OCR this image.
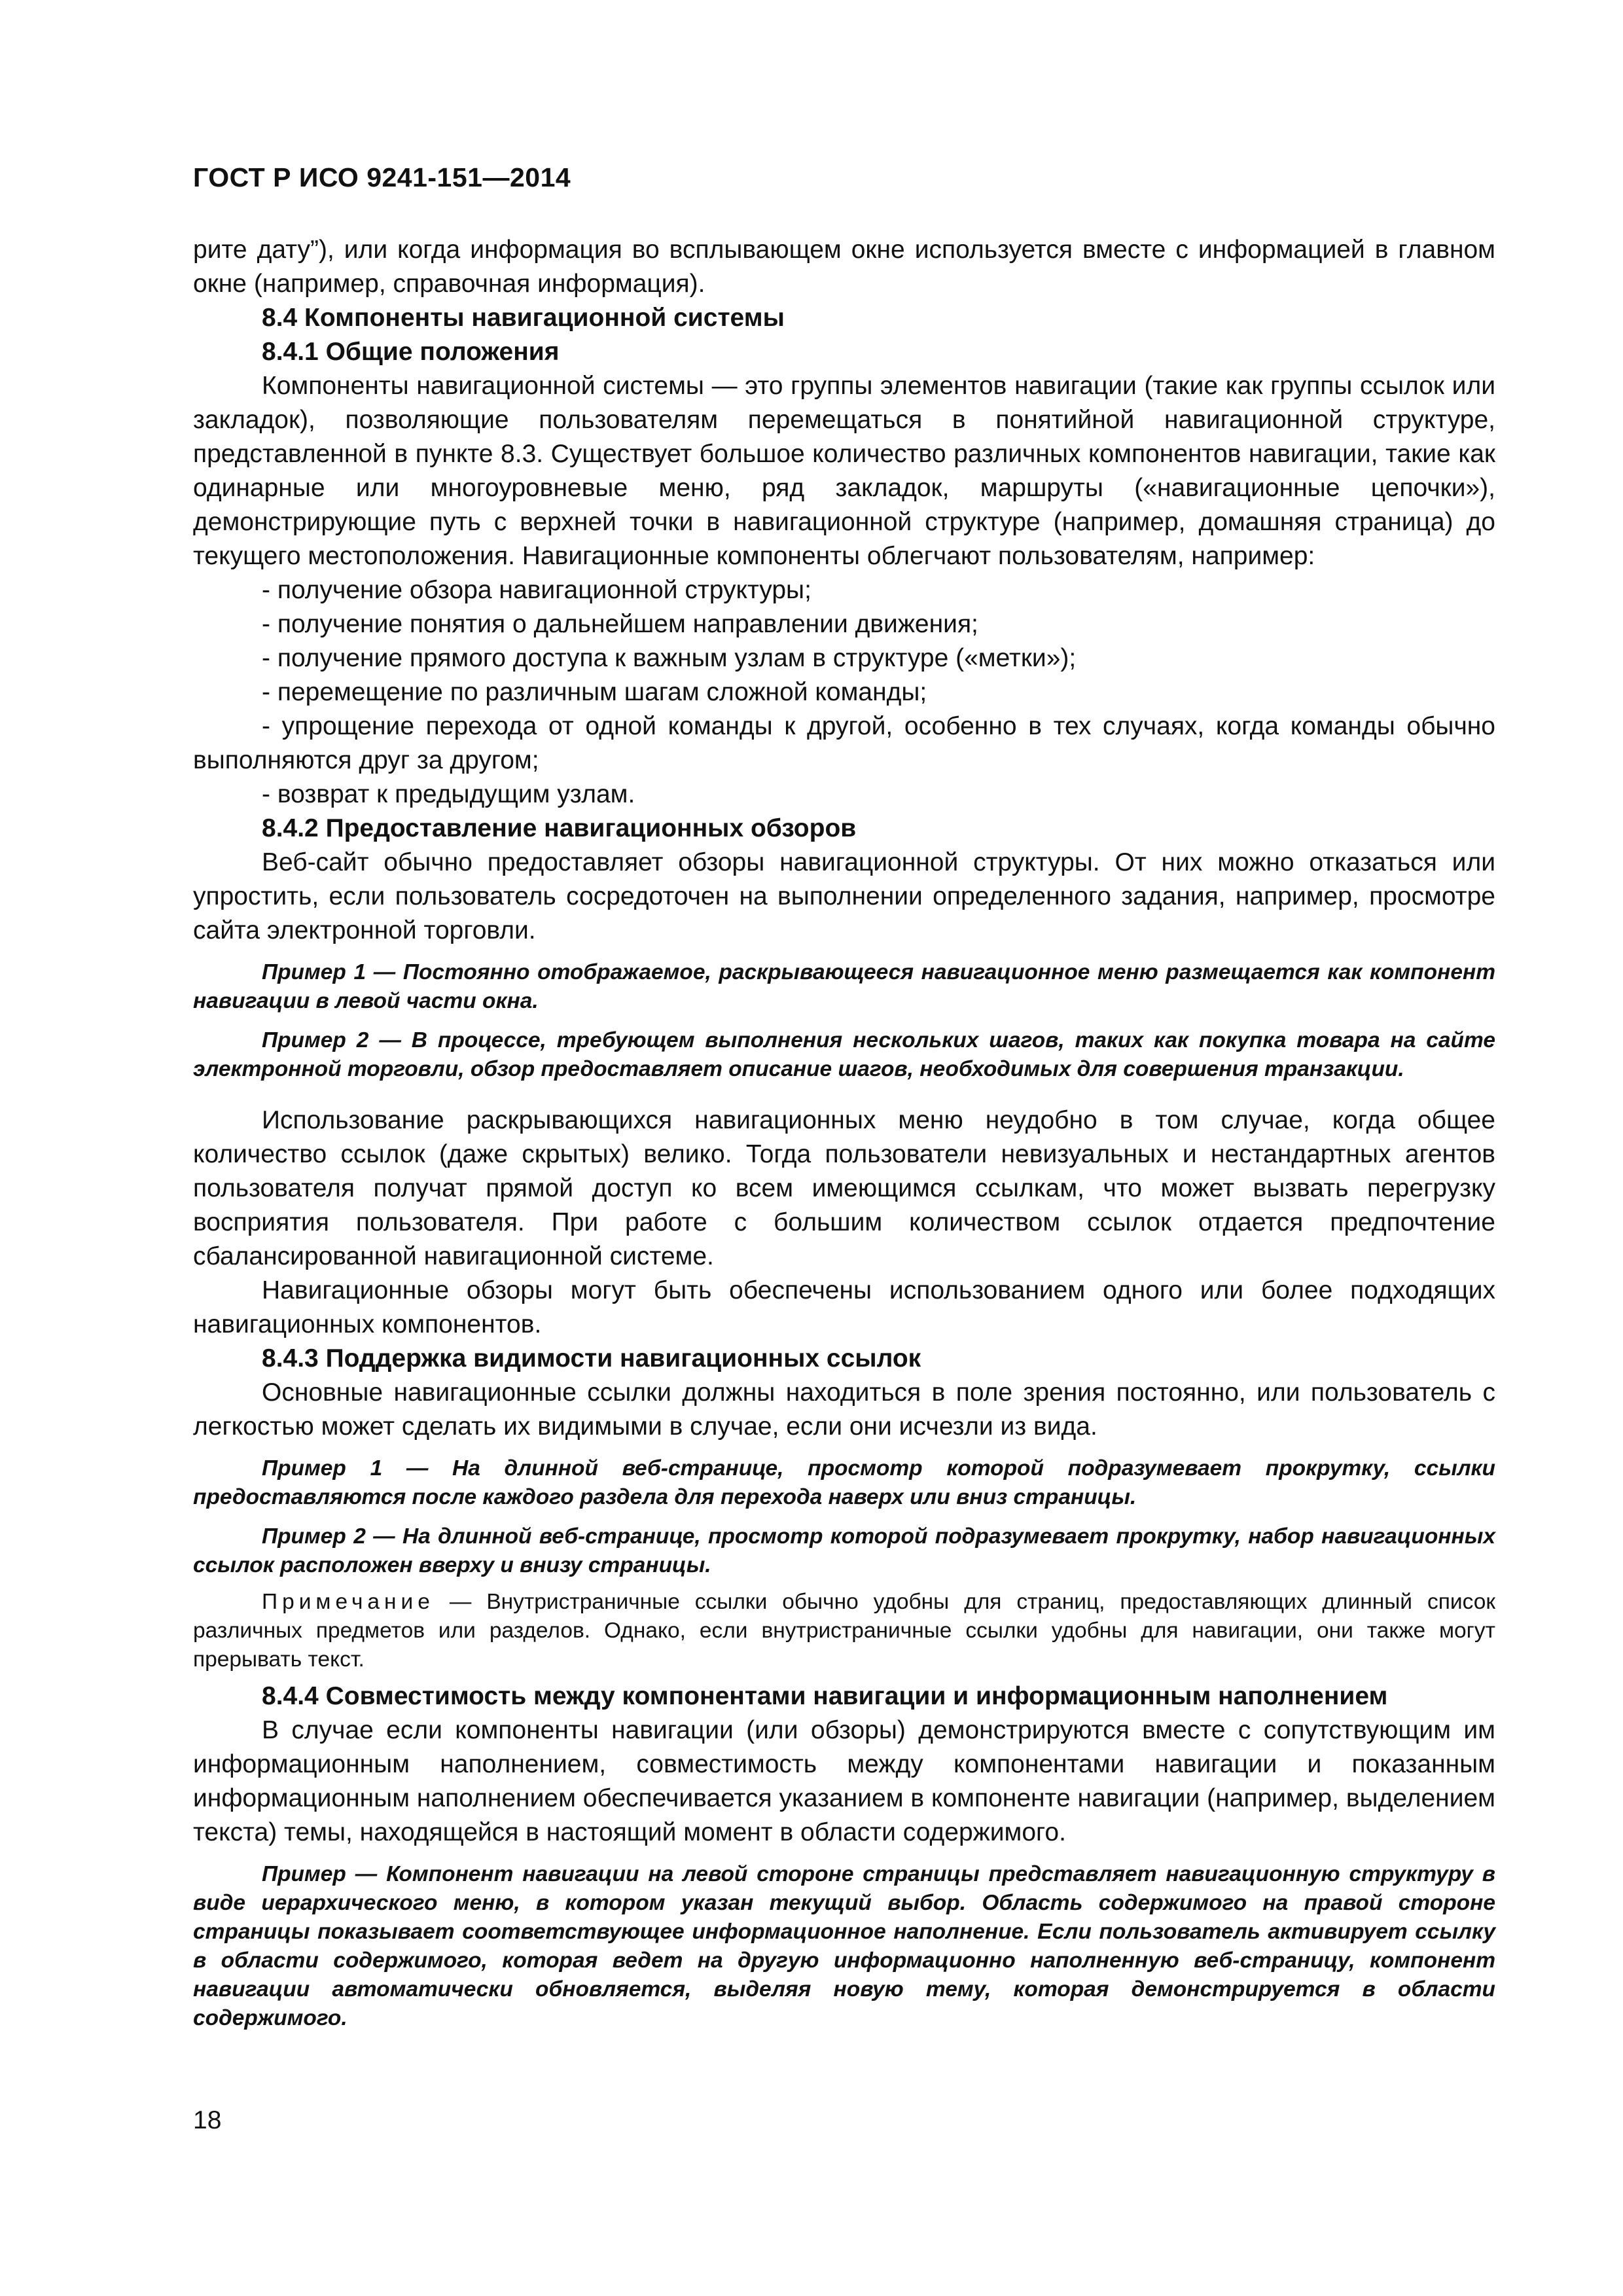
ГОСТ Р ИСО 9241-151—2014

рите дату”), или когда информация во всплывающем окне используется вместе с информацией в главном окне (например, справочная информация).

8.4 Компоненты навигационной системы

8.4.1 Общие положения

Компоненты навигационной системы — это группы элементов навигации (такие как группы ссылок или закладок), позволяющие пользователям перемещаться в понятийной навигационной структуре, представленной в пункте 8.3. Существует большое количество различных компонентов навигации, такие как одинарные или многоуровневые меню, ряд закладок, маршруты («навигационные цепочки»), демонстрирующие путь с верхней точки в навигационной структуре (например, домашняя страница) до текущего местоположения. Навигационные компоненты облегчают пользователям, например:

- получение обзора навигационной структуры;

- получение понятия о дальнейшем направлении движения;

- получение прямого доступа к важным узлам в структуре («метки»);

- перемещение по различным шагам сложной команды;

- упрощение перехода от одной команды к другой, особенно в тех случаях, когда команды обычно выполняются друг за другом;

- возврат к предыдущим узлам.

8.4.2 Предоставление навигационных обзоров

Веб-сайт обычно предоставляет обзоры навигационной структуры. От них можно отказаться или упростить, если пользователь сосредоточен на выполнении определенного задания, например, просмотре сайта электронной торговли.

Пример 1 — Постоянно отображаемое, раскрывающееся навигационное меню размещается как компонент навигации в левой части окна.

Пример 2 — В процессе, требующем выполнения нескольких шагов, таких как покупка товара на сайте электронной торговли, обзор предоставляет описание шагов, необходимых для совершения транзакции.

Использование раскрывающихся навигационных меню неудобно в том случае, когда общее количество ссылок (даже скрытых) велико. Тогда пользователи невизуальных и нестандартных агентов пользователя получат прямой доступ ко всем имеющимся ссылкам, что может вызвать перегрузку восприятия пользователя. При работе с большим количеством ссылок отдается предпочтение сбалансированной навигационной системе.

Навигационные обзоры могут быть обеспечены использованием одного или более подходящих навигационных компонентов.

8.4.3 Поддержка видимости навигационных ссылок

Основные навигационные ссылки должны находиться в поле зрения постоянно, или пользователь с легкостью может сделать их видимыми в случае, если они исчезли из вида.

Пример 1 — На длинной веб-странице, просмотр которой подразумевает прокрутку, ссылки предоставляются после каждого раздела для перехода наверх или вниз страницы.

Пример 2 — На длинной веб-странице, просмотр которой подразумевает прокрутку, набор навигационных ссылок расположен вверху и внизу страницы.

Примечание — Внутристраничные ссылки обычно удобны для страниц, предоставляющих длинный список различных предметов или разделов. Однако, если внутристраничные ссылки удобны для навигации, они также могут прерывать текст.

8.4.4 Совместимость между компонентами навигации и информационным наполнением

В случае если компоненты навигации (или обзоры) демонстрируются вместе с сопутствующим им информационным наполнением, совместимость между компонентами навигации и показанным информационным наполнением обеспечивается указанием в компоненте навигации (например, выделением текста) темы, находящейся в настоящий момент в области содержимого.

Пример — Компонент навигации на левой стороне страницы представляет навигационную структуру в виде иерархического меню, в котором указан текущий выбор. Область содержимого на правой стороне страницы показывает соответствующее информационное наполнение. Если пользователь активирует ссылку в области содержимого, которая ведет на другую информационно наполненную веб-страницу, компонент навигации автоматически обновляется, выделяя новую тему, которая демонстрируется в области содержимого.

18
